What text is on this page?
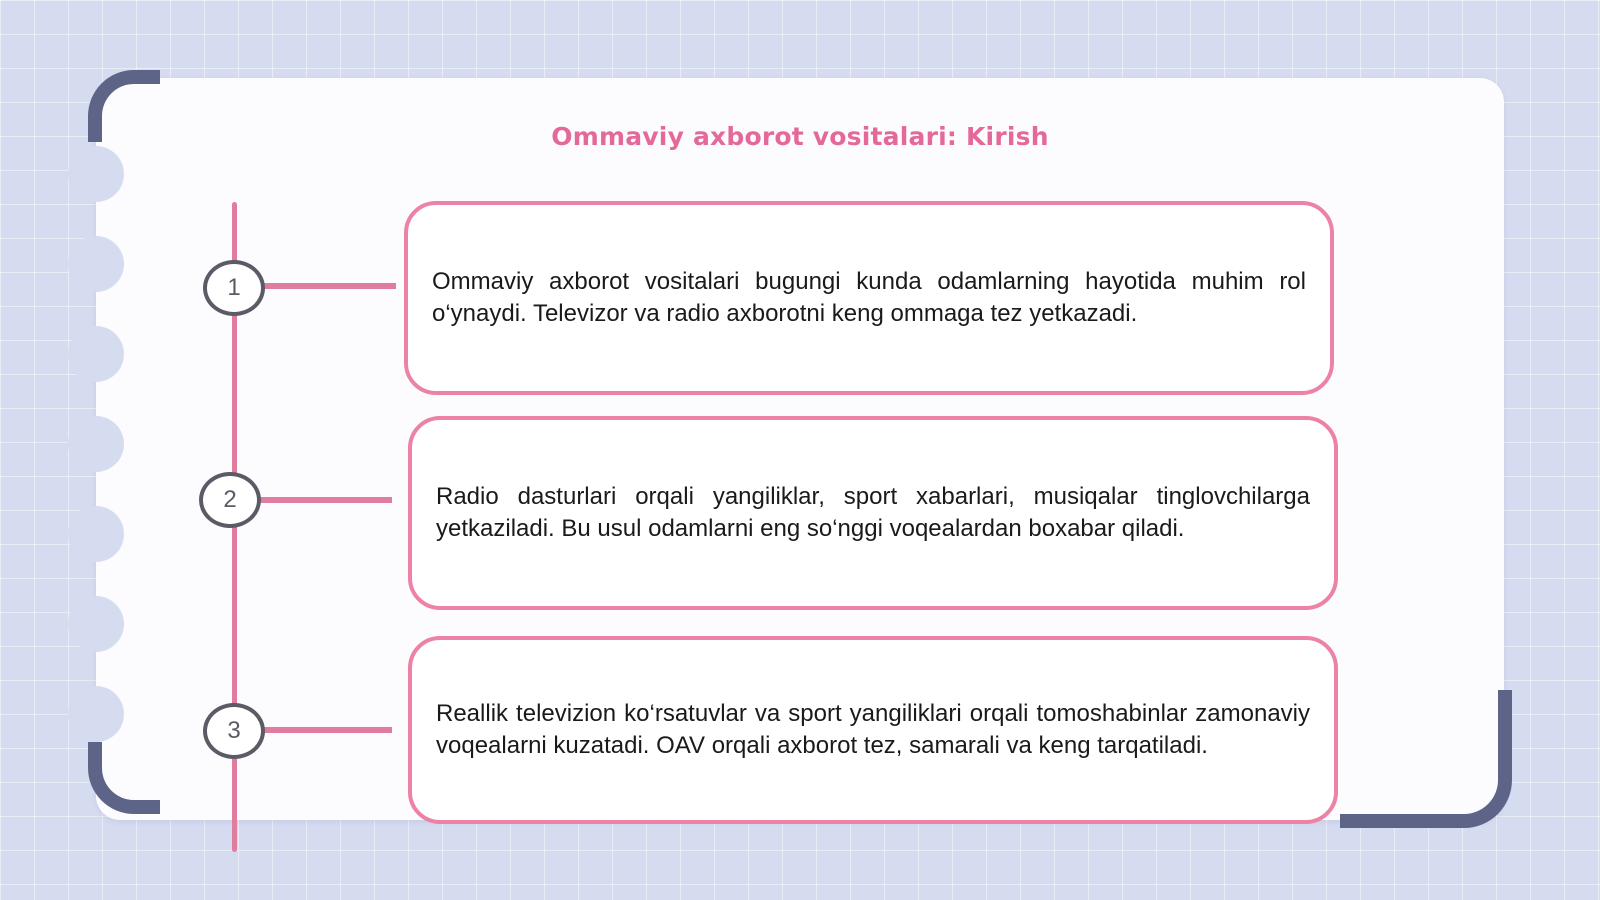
Ommaviy axborot vositalari: Kirish
1	Ommaviy axborot vositalari bugungi kunda odamlarning hayotida muhim rol o‘ynaydi. Televizor va radio axborotni keng ommaga tez yetkazadi.

2	Radio dasturlari orqali yangiliklar, sport xabarlari, musiqalar tinglovchilarga yetkaziladi. Bu usul odamlarni eng so‘nggi voqealardan boxabar qiladi.

3

Reallik televizion ko‘rsatuvlar va sport yangiliklari orqali tomoshabinlar zamonaviy voqealarni kuzatadi. OAV orqali axborot tez, samarali va keng tarqatiladi.
